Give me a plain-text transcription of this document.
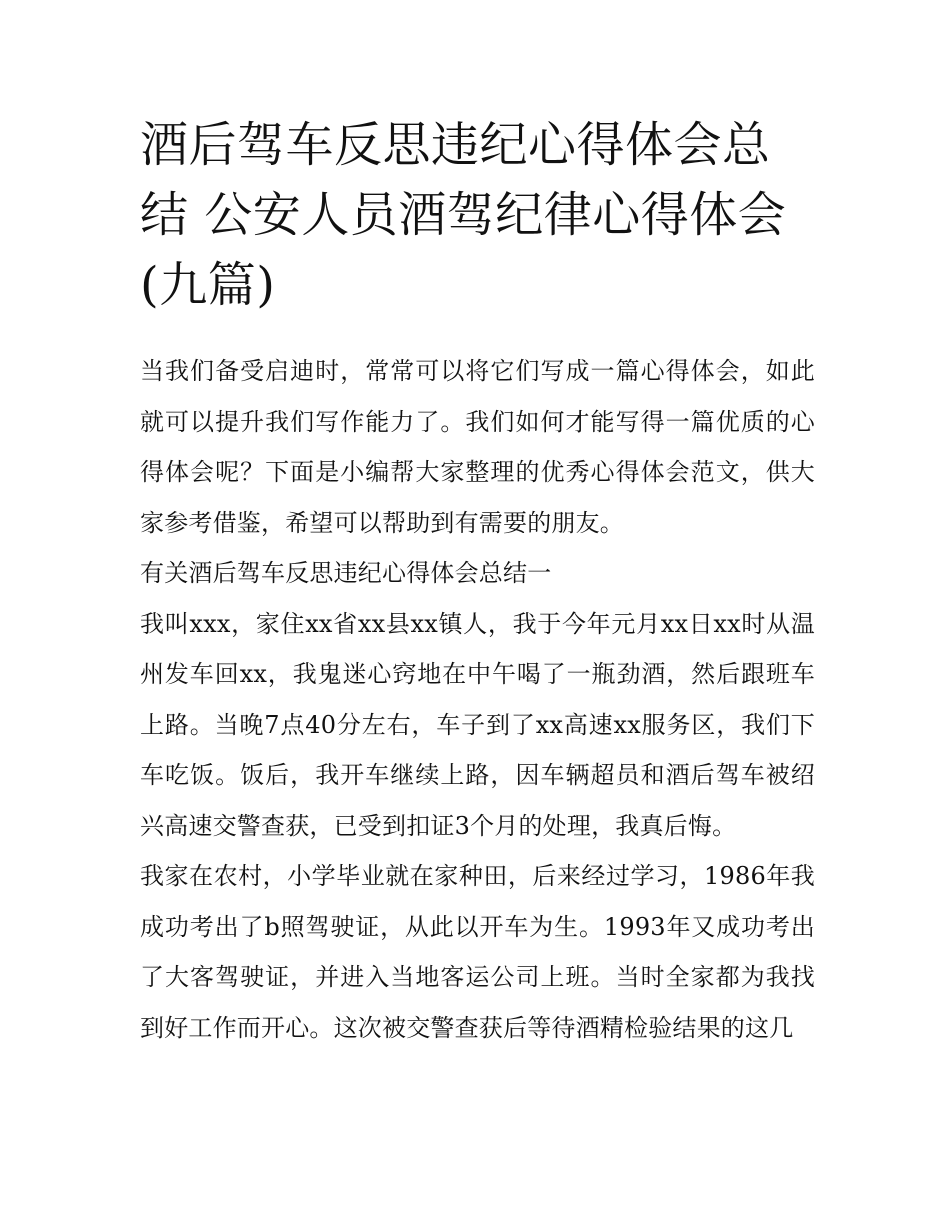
酒后驾车反思违纪心得体会总结 公安人员酒驾纪律心得体会(九篇)

当我们备受启迪时，常常可以将它们写成一篇心得体会，如此就可以提升我们写作能力了。我们如何才能写得一篇优质的心得体会呢？下面是小编帮大家整理的优秀心得体会范文，供大家参考借鉴，希望可以帮助到有需要的朋友。

有关酒后驾车反思违纪心得体会总结一

我叫xxx，家住xx省xx县xx镇人，我于今年元月xx日xx时从温州发车回xx，我鬼迷心窍地在中午喝了一瓶劲酒，然后跟班车上路。当晚7点40分左右，车子到了xx高速xx服务区，我们下车吃饭。饭后，我开车继续上路，因车辆超员和酒后驾车被绍兴高速交警查获，已受到扣证3个月的处理，我真后悔。

我家在农村，小学毕业就在家种田，后来经过学习，1986年我成功考出了b照驾驶证，从此以开车为生。1993年又成功考出了大客驾驶证，并进入当地客运公司上班。当时全家都为我找到好工作而开心。这次被交警查获后等待酒精检验结果的这几
